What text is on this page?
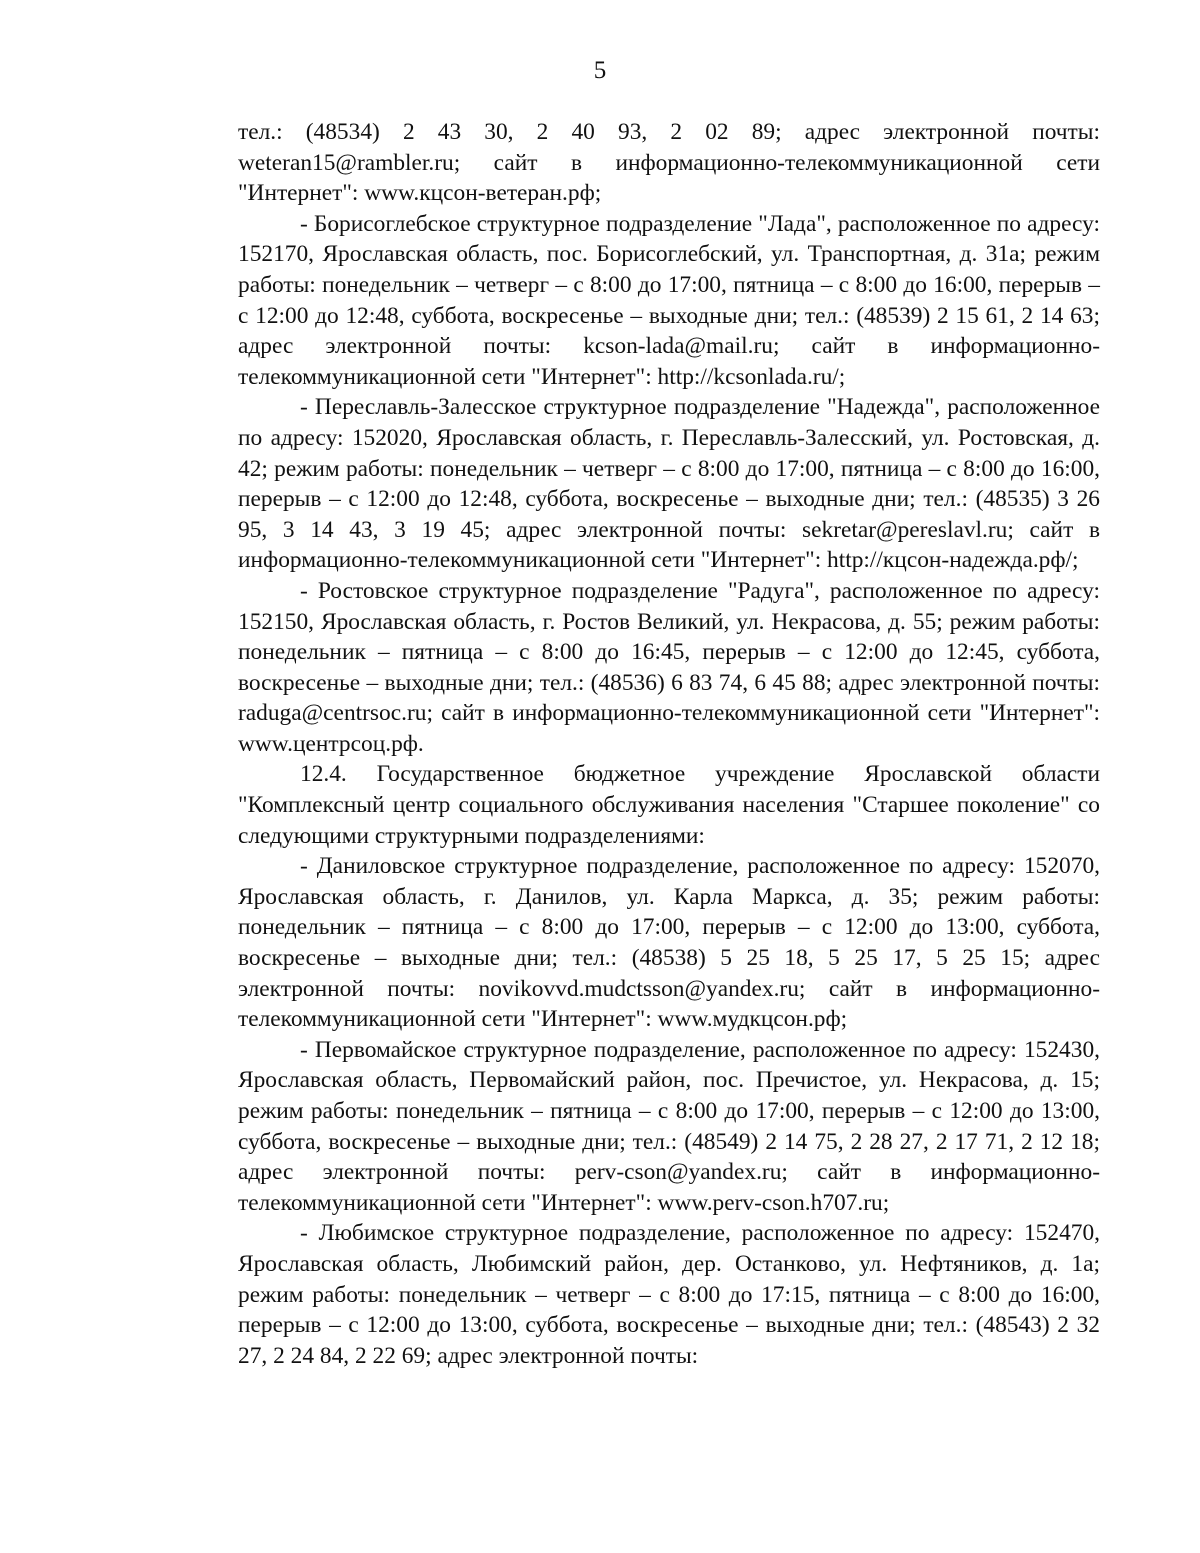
5

тел.: (48534) 2 43 30, 2 40 93, 2 02 89; адрес электронной почты: weteran15@rambler.ru; сайт в информационно-телекоммуникационной сети "Интернет": www.кцсон-ветеран.рф;

- Борисоглебское структурное подразделение "Лада", расположенное по адресу: 152170, Ярославская область, пос. Борисоглебский, ул. Транспортная, д. 31а; режим работы: понедельник – четверг – с 8:00 до 17:00, пятница – с 8:00 до 16:00, перерыв – с 12:00 до 12:48, суббота, воскресенье – выходные дни; тел.: (48539) 2 15 61, 2 14 63; адрес электронной почты: kcson-lada@mail.ru; сайт в информационно-телекоммуникационной сети "Интернет": http://kcsonlada.ru/;

- Переславль-Залесское структурное подразделение "Надежда", расположенное по адресу: 152020, Ярославская область, г. Переславль-Залесский, ул. Ростовская, д. 42; режим работы: понедельник – четверг – с 8:00 до 17:00, пятница – с 8:00 до 16:00, перерыв – с 12:00 до 12:48, суббота, воскресенье – выходные дни; тел.: (48535) 3 26 95, 3 14 43, 3 19 45; адрес электронной почты: sekretar@pereslavl.ru; сайт в информационно-телекоммуникационной сети "Интернет": http://кцсон-надежда.рф/;

- Ростовское структурное подразделение "Радуга", расположенное по адресу: 152150, Ярославская область, г. Ростов Великий, ул. Некрасова, д. 55; режим работы: понедельник – пятница – с 8:00 до 16:45, перерыв – с 12:00 до 12:45, суббота, воскресенье – выходные дни; тел.: (48536) 6 83 74, 6 45 88; адрес электронной почты: raduga@centrsoc.ru; сайт в информационно-телекоммуникационной сети "Интернет": www.центрсоц.рф.

12.4. Государственное бюджетное учреждение Ярославской области "Комплексный центр социального обслуживания населения "Старшее поколение" со следующими структурными подразделениями:

- Даниловское структурное подразделение, расположенное по адресу: 152070, Ярославская область, г. Данилов, ул. Карла Маркса, д. 35; режим работы: понедельник – пятница – с 8:00 до 17:00, перерыв – с 12:00 до 13:00, суббота, воскресенье – выходные дни; тел.: (48538) 5 25 18, 5 25 17, 5 25 15; адрес электронной почты: novikovvd.mudctsson@yandex.ru; сайт в информационно-телекоммуникационной сети "Интернет": www.мудкцсон.рф;

- Первомайское структурное подразделение, расположенное по адресу: 152430, Ярославская область, Первомайский район, пос. Пречистое, ул. Некрасова, д. 15; режим работы: понедельник – пятница – с 8:00 до 17:00, перерыв – с 12:00 до 13:00, суббота, воскресенье – выходные дни; тел.: (48549) 2 14 75, 2 28 27, 2 17 71, 2 12 18; адрес электронной почты: perv-cson@yandex.ru; сайт в информационно-телекоммуникационной сети "Интернет": www.perv-cson.h707.ru;

- Любимское структурное подразделение, расположенное по адресу: 152470, Ярославская область, Любимский район, дер. Останково, ул. Нефтяников, д. 1а; режим работы: понедельник – четверг – с 8:00 до 17:15, пятница – с 8:00 до 16:00, перерыв – с 12:00 до 13:00, суббота, воскресенье – выходные дни; тел.: (48543) 2 32 27, 2 24 84, 2 22 69; адрес электронной почты:
